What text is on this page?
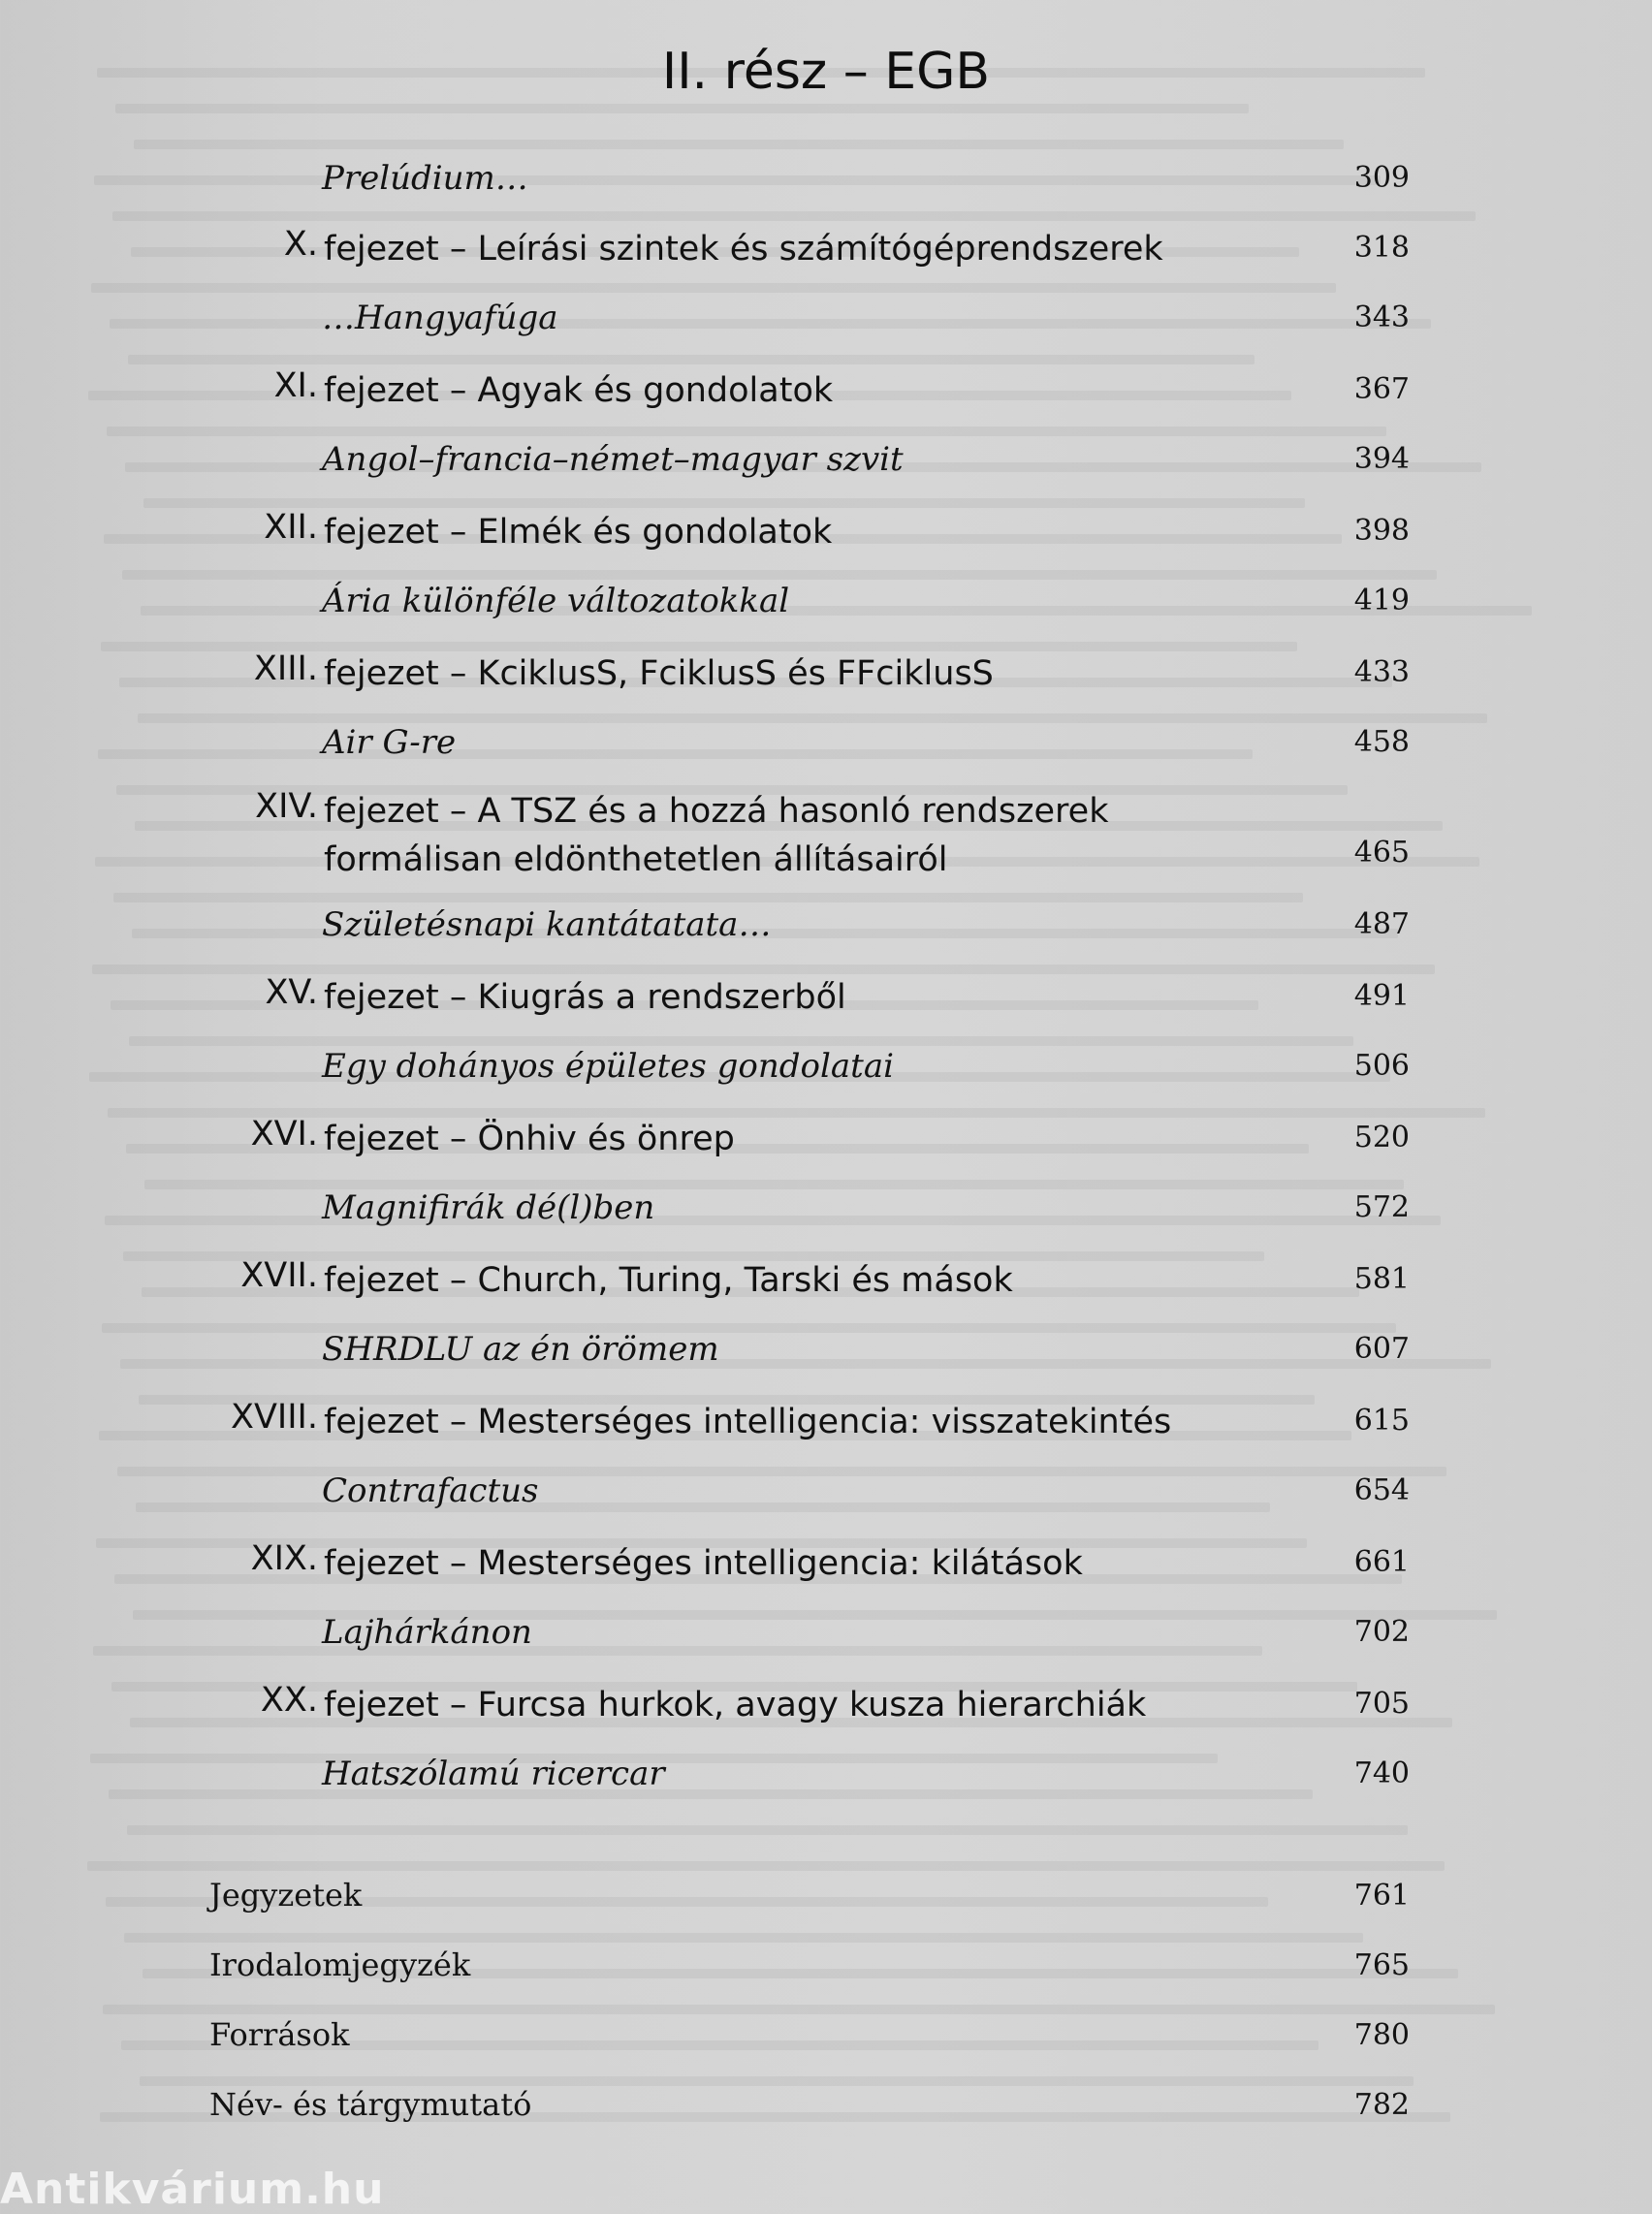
II. rész – EGB
Prelúdium…	309
X. fejezet – Leírási szintek és számítógéprendszerek	318
…Hangyafúga	343
XI. fejezet – Agyak és gondolatok	367
Angol–francia–német–magyar szvit	394
XII. fejezet – Elmék és gondolatok	398
Ária különféle változatokkal	419
XIII. fejezet – KciklusS, FciklusS és FFciklusS	433
Air G-re	458
XIV. fejezet – A TSZ és a hozzá hasonló rendszerek
formálisan eldönthetetlen állításairól	465
Születésnapi kantátatata…	487
XV. fejezet – Kiugrás a rendszerből	491
Egy dohányos épületes gondolatai	506
XVI. fejezet – Önhiv és önrep	520
Magnifirák dé(l)ben	572
XVII. fejezet – Church, Turing, Tarski és mások	581
SHRDLU az én örömem	607
XVIII. fejezet – Mesterséges intelligencia: visszatekintés	615
Contrafactus	654
XIX. fejezet – Mesterséges intelligencia: kilátások	661
Lajhárkánon	702
XX. fejezet – Furcsa hurkok, avagy kusza hierarchiák	705
Hatszólamú ricercar	740
Jegyzetek	761
Irodalomjegyzék	765
Források	780
Név- és tárgymutató	782
Antikvárium.hu
